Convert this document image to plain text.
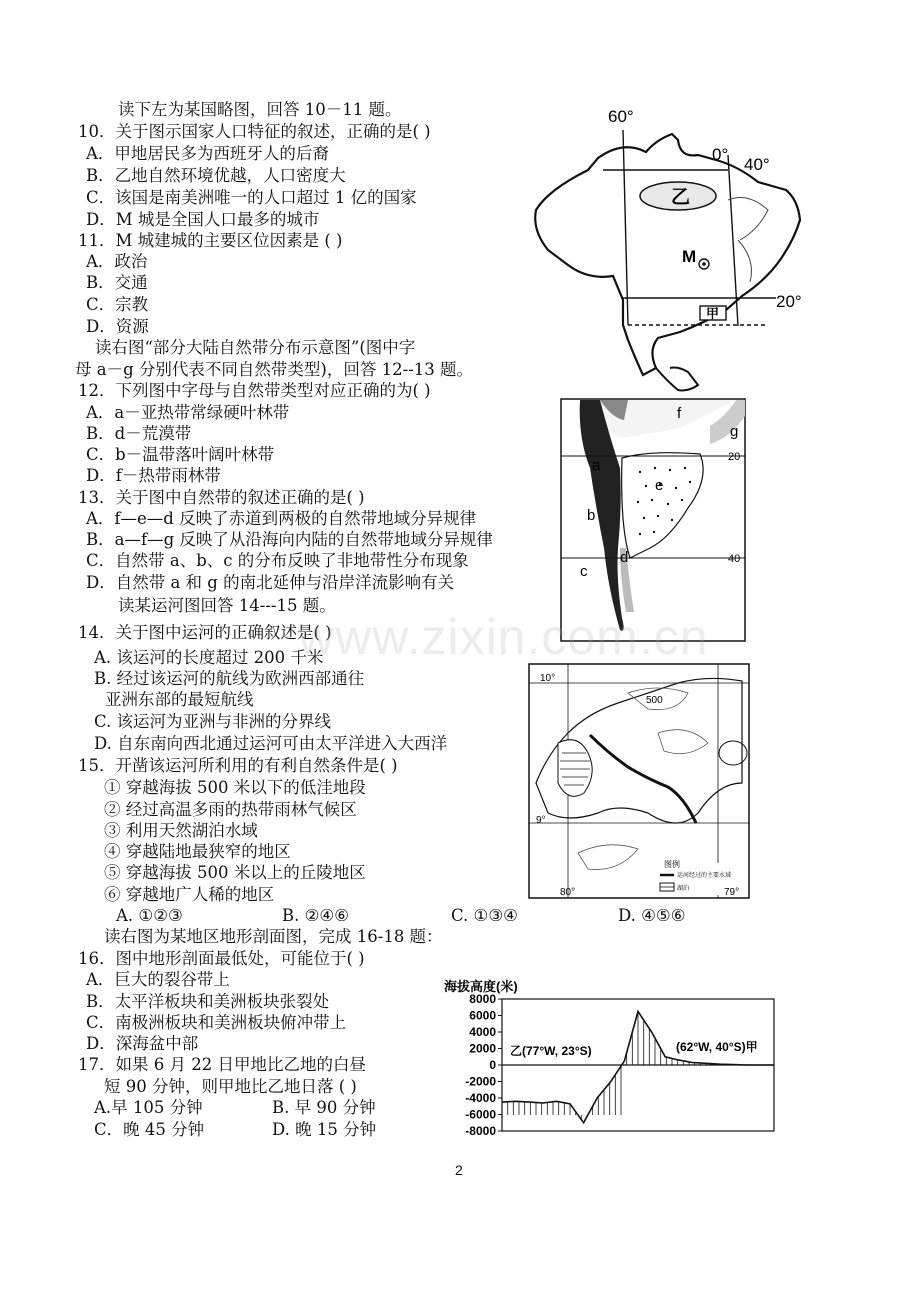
读下左为某国略图，回答 10－11 题。
10．关于图示国家人口特征的叙述，正确的是( )
A．甲地居民多为西班牙人的后裔
B．乙地自然环境优越，人口密度大
C．该国是南美洲唯一的人口超过 1 亿的国家
D．M 城是全国人口最多的城市
11．M 城建城的主要区位因素是 ( )
A．政治
B．交通
C．宗教
D．资源
读右图“部分大陆自然带分布示意图”(图中字
母 a－g 分别代表不同自然带类型)，回答 12--13 题。
12．下列图中字母与自然带类型对应正确的为( )
A．a－亚热带常绿硬叶林带
B．d－荒漠带
C．b－温带落叶阔叶林带
D．f－热带雨林带
13．关于图中自然带的叙述正确的是( )
A．f—e—d 反映了赤道到两极的自然带地域分异规律
B．a—f—g 反映了从沿海向内陆的自然带地域分异规律
C．自然带 a、b、c 的分布反映了非地带性分布现象
D．自然带 a 和 g 的南北延伸与沿岸洋流影响有关
读某运河图回答 14---15 题。
14．关于图中运河的正确叙述是( )
A. 该运河的长度超过 200 千米
B. 经过该运河的航线为欧洲西部通往
亚洲东部的最短航线
C. 该运河为亚洲与非洲的分界线
D. 自东南向西北通过运河可由太平洋进入大西洋
15．开凿该运河所利用的有利自然条件是( )
① 穿越海拔 500 米以下的低洼地段
② 经过高温多雨的热带雨林气候区
③ 利用天然湖泊水域
④ 穿越陆地最狭窄的地区
⑤ 穿越海拔 500 米以上的丘陵地区
⑥ 穿越地广人稀的地区
A. ①②③	B. ②④⑥	C. ①③④	D. ④⑤⑥
读右图为某地区地形剖面图，完成 16-18 题：
16．图中地形剖面最低处，可能位于( )
A．巨大的裂谷带上
B．太平洋板块和美洲板块张裂处
C．南极洲板块和美洲板块俯冲带上
D．深海盆中部
17．如果 6 月 22 日甲地比乙地的白昼
短 90 分钟，则甲地比乙地日落 ( )
A.早 105 分钟	B. 早 90 分钟
C．晚 45 分钟	D. 晚 15 分钟
60°
0°
40°
20°
乙
M
甲
f
g
a
e
b
d
c
20
40
10°
9°
80°	79°
500
图例
运河经过的主要水域
湖泊
海拔高度(米)
8000
6000
4000
2000
0
-2000
-4000
-6000
-8000
乙(77°W, 23°S)	(62°W, 40°S)甲
www.zixin.com.cn
2
